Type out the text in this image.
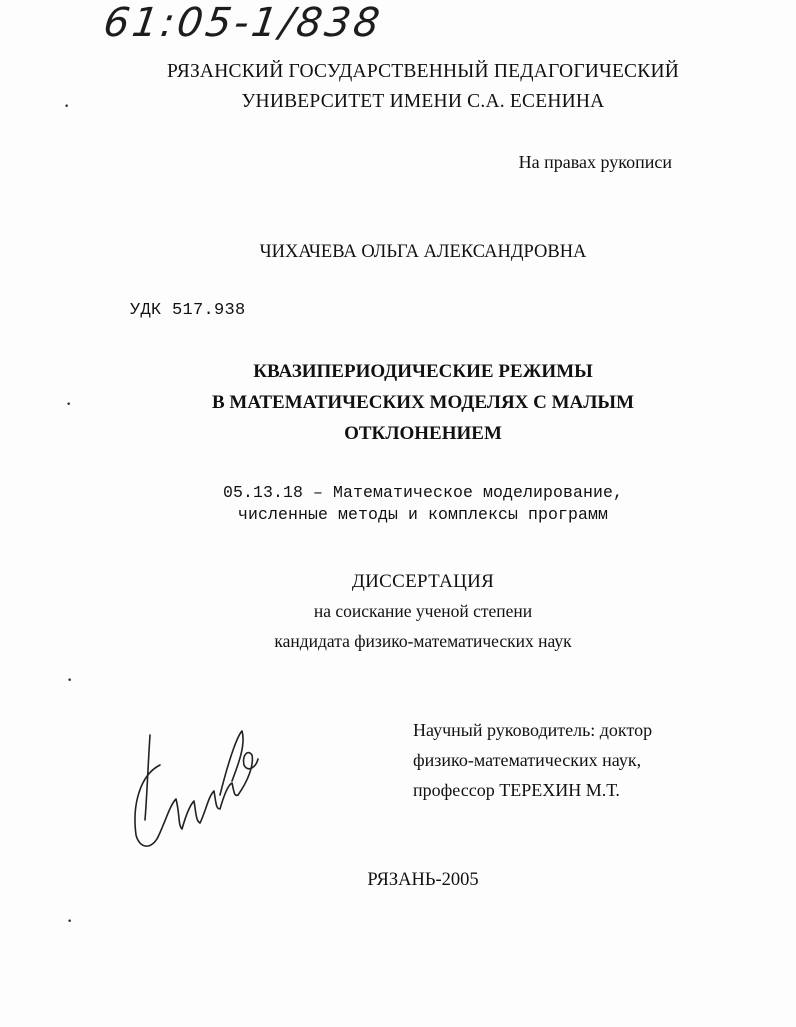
61:05-1/838
РЯЗАНСКИЙ ГОСУДАРСТВЕННЫЙ ПЕДАГОГИЧЕСКИЙ
УНИВЕРСИТЕТ ИМЕНИ С.А. ЕСЕНИНА
На правах рукописи
ЧИХАЧЕВА ОЛЬГА АЛЕКСАНДРОВНА
УДК 517.938
КВАЗИПЕРИОДИЧЕСКИЕ РЕЖИМЫ
В МАТЕМАТИЧЕСКИХ МОДЕЛЯХ С МАЛЫМ
ОТКЛОНЕНИЕМ
05.13.18 – Математическое моделирование,
численные методы и комплексы программ
ДИССЕРТАЦИЯ
на соискание ученой степени
кандидата физико-математических наук
Научный руководитель: доктор
физико-математических наук,
профессор ТЕРЕХИН М.Т.
РЯЗАНЬ-2005
•
•
•
•
